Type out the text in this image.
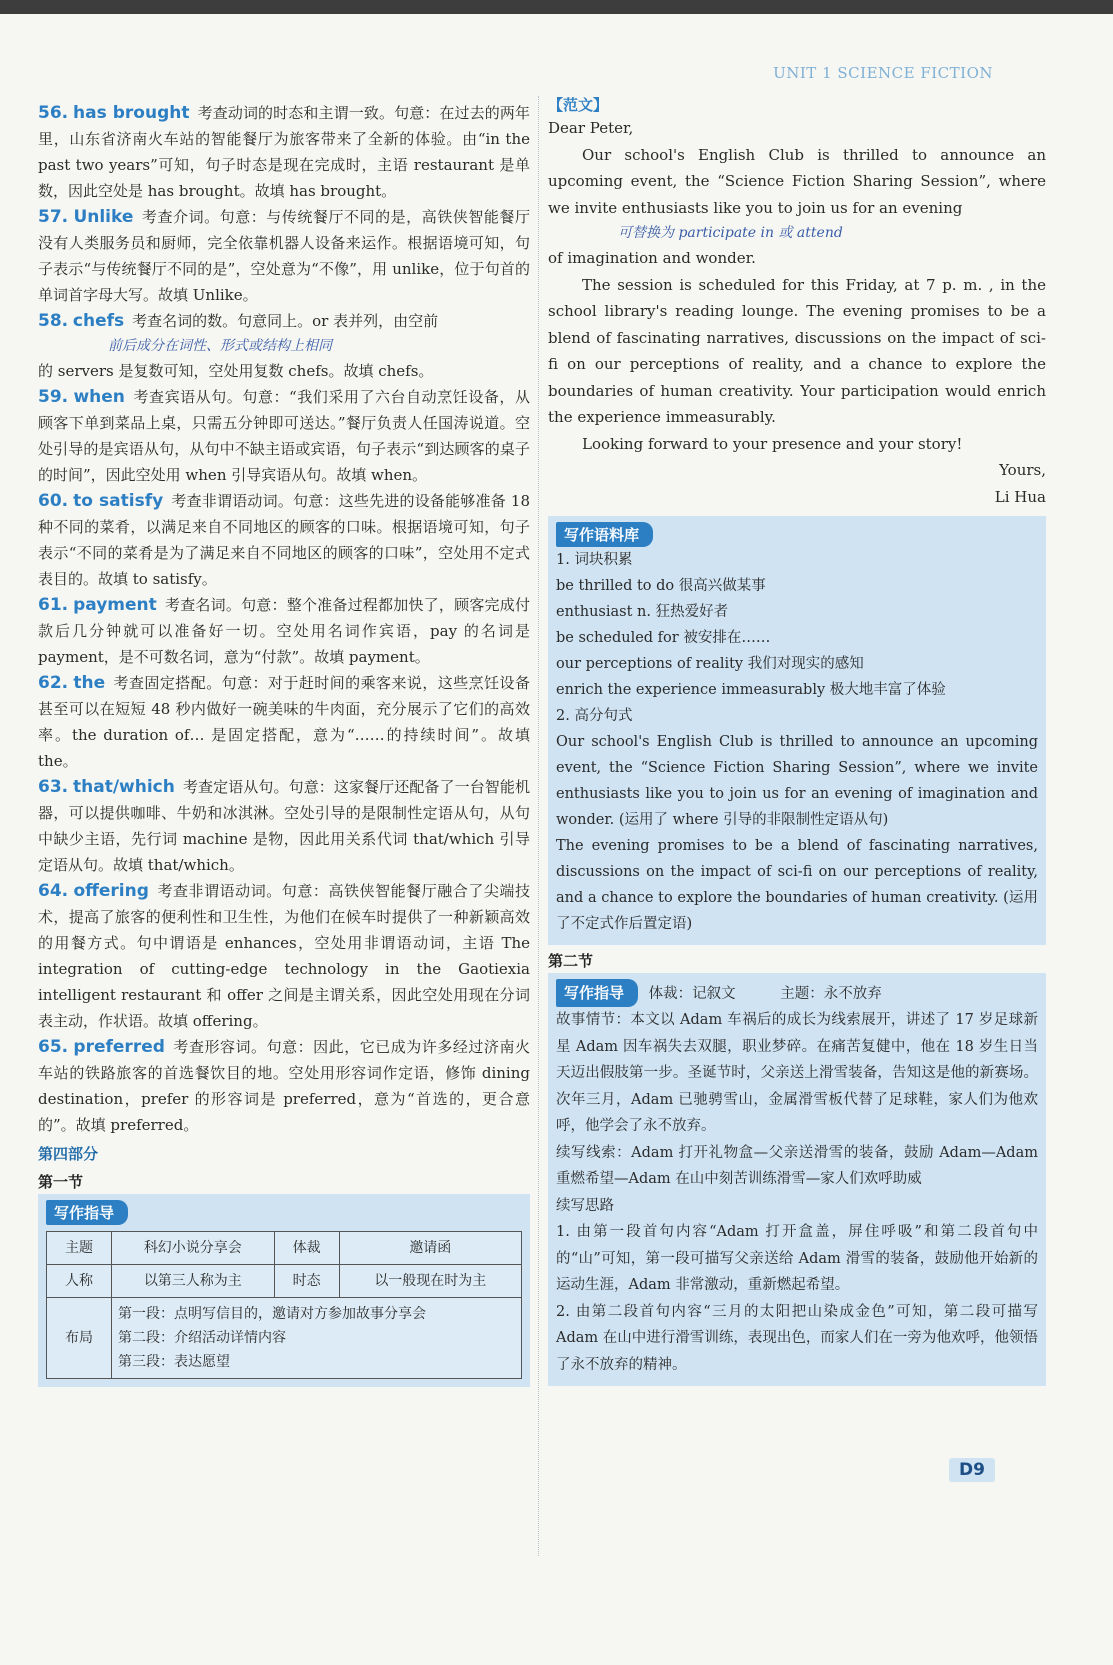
UNIT 1 SCIENCE FICTION

56. has brought 考查动词的时态和主谓一致。句意：在过去的两年里，山东省济南火车站的智能餐厅为旅客带来了全新的体验。由“in the past two years”可知，句子时态是现在完成时，主语 restaurant 是单数，因此空处是 has brought。故填 has brought。

57. Unlike 考查介词。句意：与传统餐厅不同的是，高铁侠智能餐厅没有人类服务员和厨师，完全依靠机器人设备来运作。根据语境可知，句子表示“与传统餐厅不同的是”，空处意为“不像”，用 unlike，位于句首的单词首字母大写。故填 Unlike。

58. chefs 考查名词的数。句意同上。or 表并列，由空前

前后成分在词性、形式或结构上相同

的 servers 是复数可知，空处用复数 chefs。故填 chefs。

59. when 考查宾语从句。句意：“我们采用了六台自动烹饪设备，从顾客下单到菜品上桌，只需五分钟即可送达。”餐厅负责人任国涛说道。空处引导的是宾语从句，从句中不缺主语或宾语，句子表示“到达顾客的桌子的时间”，因此空处用 when 引导宾语从句。故填 when。

60. to satisfy 考查非谓语动词。句意：这些先进的设备能够准备 18 种不同的菜肴，以满足来自不同地区的顾客的口味。根据语境可知，句子表示“不同的菜肴是为了满足来自不同地区的顾客的口味”，空处用不定式表目的。故填 to satisfy。

61. payment 考查名词。句意：整个准备过程都加快了，顾客完成付款后几分钟就可以准备好一切。空处用名词作宾语，pay 的名词是 payment，是不可数名词，意为“付款”。故填 payment。

62. the 考查固定搭配。句意：对于赶时间的乘客来说，这些烹饪设备甚至可以在短短 48 秒内做好一碗美味的牛肉面，充分展示了它们的高效率。the duration of… 是固定搭配，意为“……的持续时间”。故填 the。

63. that/which 考查定语从句。句意：这家餐厅还配备了一台智能机器，可以提供咖啡、牛奶和冰淇淋。空处引导的是限制性定语从句，从句中缺少主语，先行词 machine 是物，因此用关系代词 that/which 引导定语从句。故填 that/which。

64. offering 考查非谓语动词。句意：高铁侠智能餐厅融合了尖端技术，提高了旅客的便利性和卫生性，为他们在候车时提供了一种新颖高效的用餐方式。句中谓语是 enhances，空处用非谓语动词，主语 The integration of cutting-edge technology in the Gaotiexia intelligent restaurant 和 offer 之间是主谓关系，因此空处用现在分词表主动，作状语。故填 offering。

65. preferred 考查形容词。句意：因此，它已成为许多经过济南火车站的铁路旅客的首选餐饮目的地。空处用形容词作定语，修饰 dining destination，prefer 的形容词是 preferred，意为“首选的，更合意的”。故填 preferred。

第四部分
第一节
写作指导
主题	科幻小说分享会	体裁	邀请函
人称	以第三人称为主	时态	以一般现在时为主
布局	第一段：点明写信目的，邀请对方参加故事分享会
第二段：介绍活动详情内容
第三段：表达愿望		
【范文】

Dear Peter,

Our school's English Club is thrilled to announce an upcoming event, the “Science Fiction Sharing Session”, where we invite enthusiasts like you to join us for an evening

可替换为 participate in 或 attend

of imagination and wonder.

The session is scheduled for this Friday, at 7 p. m. , in the school library's reading lounge. The evening promises to be a blend of fascinating narratives, discussions on the impact of sci-fi on our perceptions of reality, and a chance to explore the boundaries of human creativity. Your participation would enrich the experience immeasurably.

Looking forward to your presence and your story!

Yours,

Li Hua

写作语料库

1. 词块积累

be thrilled to do 很高兴做某事

enthusiast n. 狂热爱好者

be scheduled for 被安排在……

our perceptions of reality 我们对现实的感知

enrich the experience immeasurably 极大地丰富了体验

2. 高分句式

Our school's English Club is thrilled to announce an upcoming event, the “Science Fiction Sharing Session”, where we invite enthusiasts like you to join us for an evening of imagination and wonder. (运用了 where 引导的非限制性定语从句)

The evening promises to be a blend of fascinating narratives, discussions on the impact of sci-fi on our perceptions of reality, and a chance to explore the boundaries of human creativity. (运用了不定式作后置定语)

第二节
写作指导 体裁：记叙文	主题：永不放弃

故事情节：本文以 Adam 车祸后的成长为线索展开，讲述了 17 岁足球新星 Adam 因车祸失去双腿，职业梦碎。在痛苦复健中，他在 18 岁生日当天迈出假肢第一步。圣诞节时，父亲送上滑雪装备，告知这是他的新赛场。次年三月，Adam 已驰骋雪山，金属滑雪板代替了足球鞋，家人们为他欢呼，他学会了永不放弃。

续写线索：Adam 打开礼物盒—父亲送滑雪的装备，鼓励 Adam—Adam 重燃希望—Adam 在山中刻苦训练滑雪—家人们欢呼助威

续写思路

1. 由第一段首句内容“Adam 打开盒盖，屏住呼吸”和第二段首句中的“山”可知，第一段可描写父亲送给 Adam 滑雪的装备，鼓励他开始新的运动生涯，Adam 非常激动，重新燃起希望。

2. 由第二段首句内容“三月的太阳把山染成金色”可知，第二段可描写 Adam 在山中进行滑雪训练，表现出色，而家人们在一旁为他欢呼，他领悟了永不放弃的精神。

D9
